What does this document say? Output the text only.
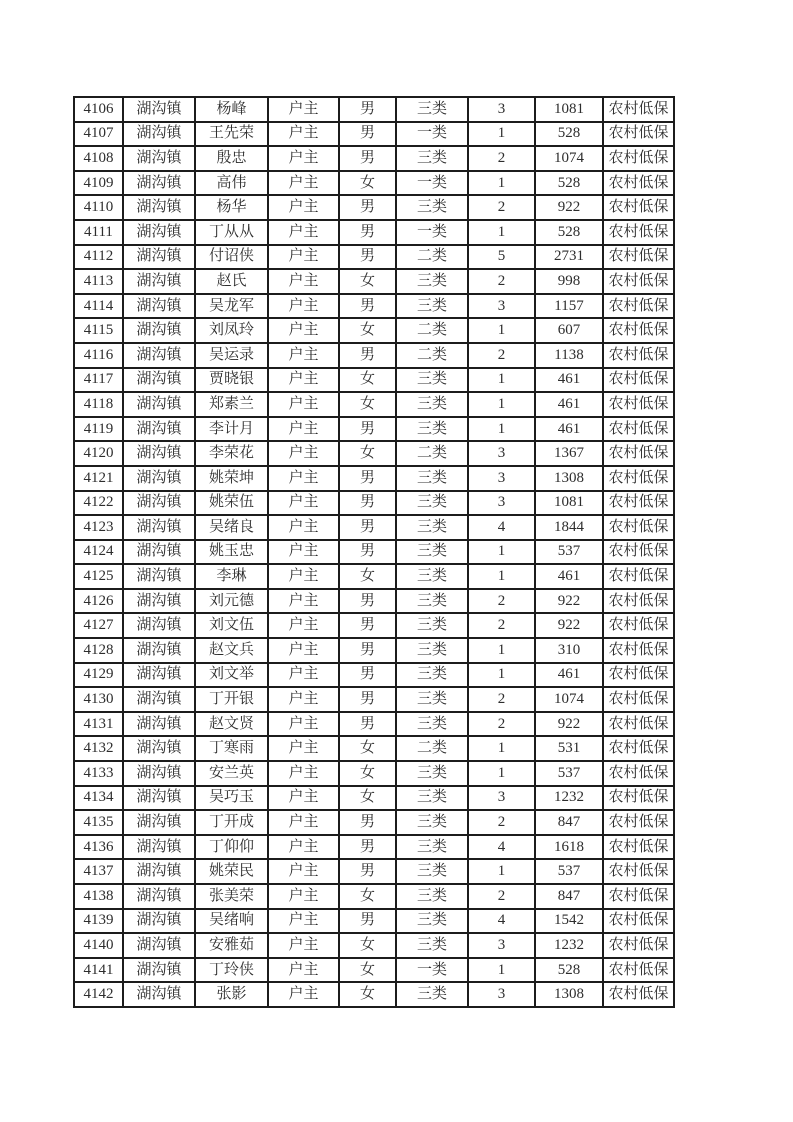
4106	湖沟镇	杨峰	户主	男	三类	3	1081	农村低保
4107	湖沟镇	王先荣	户主	男	一类	1	528	农村低保
4108	湖沟镇	殷忠	户主	男	三类	2	1074	农村低保
4109	湖沟镇	高伟	户主	女	一类	1	528	农村低保
4110	湖沟镇	杨华	户主	男	三类	2	922	农村低保
4111	湖沟镇	丁从从	户主	男	一类	1	528	农村低保
4112	湖沟镇	付诏侠	户主	男	二类	5	2731	农村低保
4113	湖沟镇	赵氏	户主	女	三类	2	998	农村低保
4114	湖沟镇	吴龙军	户主	男	三类	3	1157	农村低保
4115	湖沟镇	刘凤玲	户主	女	二类	1	607	农村低保
4116	湖沟镇	吴运录	户主	男	二类	2	1138	农村低保
4117	湖沟镇	贾晓银	户主	女	三类	1	461	农村低保
4118	湖沟镇	郑素兰	户主	女	三类	1	461	农村低保
4119	湖沟镇	李计月	户主	男	三类	1	461	农村低保
4120	湖沟镇	李荣花	户主	女	二类	3	1367	农村低保
4121	湖沟镇	姚荣坤	户主	男	三类	3	1308	农村低保
4122	湖沟镇	姚荣伍	户主	男	三类	3	1081	农村低保
4123	湖沟镇	吴绪良	户主	男	三类	4	1844	农村低保
4124	湖沟镇	姚玉忠	户主	男	三类	1	537	农村低保
4125	湖沟镇	李琳	户主	女	三类	1	461	农村低保
4126	湖沟镇	刘元德	户主	男	三类	2	922	农村低保
4127	湖沟镇	刘文伍	户主	男	三类	2	922	农村低保
4128	湖沟镇	赵文兵	户主	男	三类	1	310	农村低保
4129	湖沟镇	刘文举	户主	男	三类	1	461	农村低保
4130	湖沟镇	丁开银	户主	男	三类	2	1074	农村低保
4131	湖沟镇	赵文贤	户主	男	三类	2	922	农村低保
4132	湖沟镇	丁寒雨	户主	女	二类	1	531	农村低保
4133	湖沟镇	安兰英	户主	女	三类	1	537	农村低保
4134	湖沟镇	吴巧玉	户主	女	三类	3	1232	农村低保
4135	湖沟镇	丁开成	户主	男	三类	2	847	农村低保
4136	湖沟镇	丁仰仰	户主	男	三类	4	1618	农村低保
4137	湖沟镇	姚荣民	户主	男	三类	1	537	农村低保
4138	湖沟镇	张美荣	户主	女	三类	2	847	农村低保
4139	湖沟镇	吴绪响	户主	男	三类	4	1542	农村低保
4140	湖沟镇	安雅茹	户主	女	三类	3	1232	农村低保
4141	湖沟镇	丁玲侠	户主	女	一类	1	528	农村低保
4142	湖沟镇	张影	户主	女	三类	3	1308	农村低保
